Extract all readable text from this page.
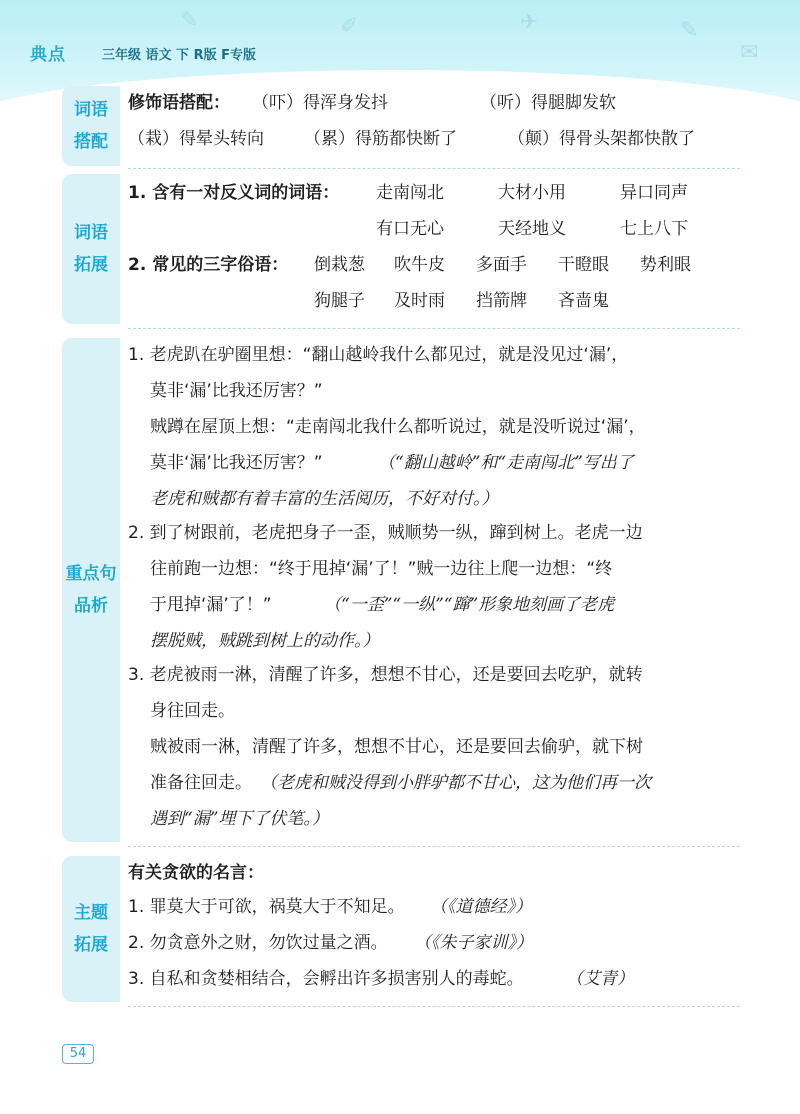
✎	✐	✈	✎
✉
典点	三年级 语文 下 R版 F专版
词语
搭配
修饰语搭配： （吓）得浑身发抖	（听）得腿脚发软
（栽）得晕头转向 （累）得筋都快断了	（颠）得骨头架都快散了
词语
拓展
1. 含有一对反义词的词语： 走南闯北	大材小用	异口同声
有口无心	天经地义	七上八下
2. 常见的三字俗语： 倒栽葱 吹牛皮 多面手 干瞪眼 势利眼
狗腿子 及时雨 挡箭牌 吝啬鬼
重点句
品析
1. 老虎趴在驴圈里想：“翻山越岭我什么都见过，就是没见过‘漏’，
莫非‘漏’比我还厉害？”
贼蹲在屋顶上想：“走南闯北我什么都听说过，就是没听说过‘漏’，
莫非‘漏’比我还厉害？”	（“翻山越岭”和“走南闯北”写出了
老虎和贼都有着丰富的生活阅历，不好对付。）
2. 到了树跟前，老虎把身子一歪，贼顺势一纵，蹿到树上。老虎一边
往前跑一边想：“终于甩掉‘漏’了！”贼一边往上爬一边想：“终
于甩掉‘漏’了！”	（“一歪”“一纵”“蹿”形象地刻画了老虎
摆脱贼，贼跳到树上的动作。）
3. 老虎被雨一淋，清醒了许多，想想不甘心，还是要回去吃驴，就转
身往回走。
贼被雨一淋，清醒了许多，想想不甘心，还是要回去偷驴，就下树
准备往回走。 （老虎和贼没得到小胖驴都不甘心，这为他们再一次
遇到“漏”埋下了伏笔。）
主题
拓展
有关贪欲的名言：
1. 罪莫大于可欲，祸莫大于不知足。 （《道德经》）
2. 勿贪意外之财，勿饮过量之酒。 （《朱子家训》）
3. 自私和贪婪相结合，会孵出许多损害别人的毒蛇。 （艾青）
54
